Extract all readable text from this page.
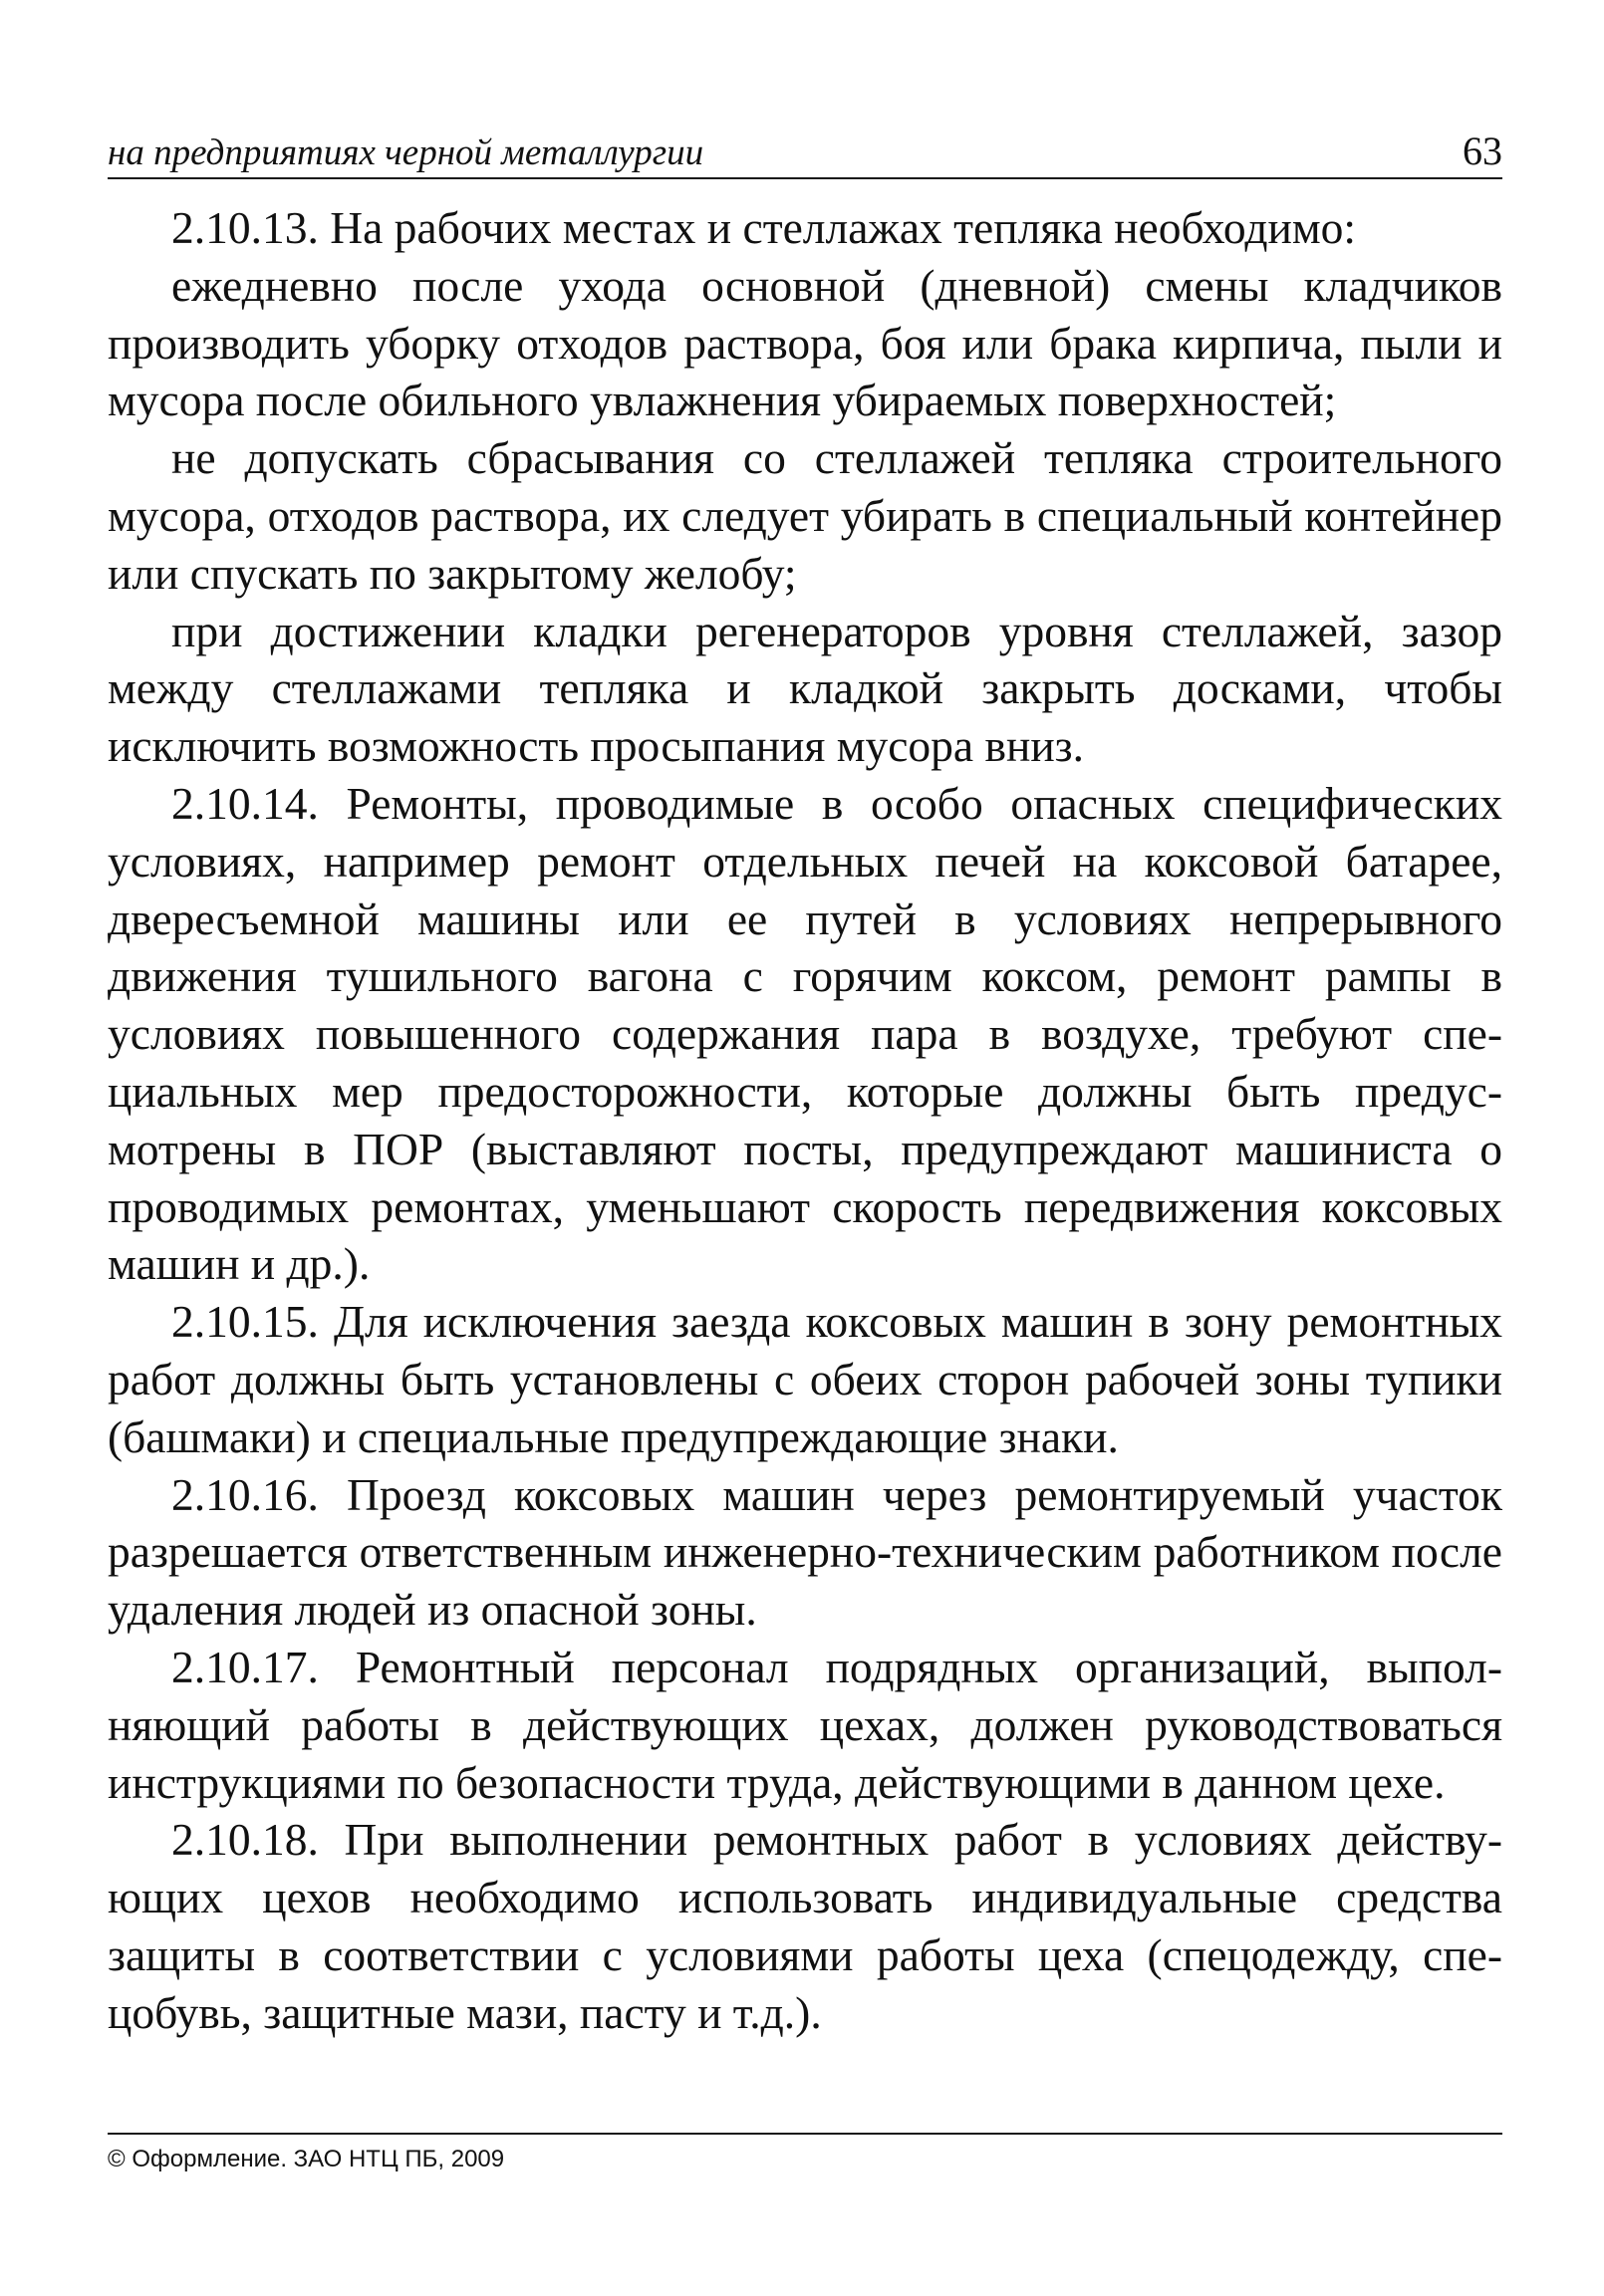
на предприятиях черной металлургии	63

2.10.13. На рабочих местах и стеллажах тепляка необходимо:

ежедневно после ухода основной (дневной) смены кладчиков производить уборку отходов раствора, боя или брака кирпича, пыли и мусора после обильного увлажнения убираемых поверхностей;

не допускать сбрасывания со стеллажей тепляка строительного мусора, отходов раствора, их следует убирать в специальный контейнер или спускать по закрытому желобу;

при достижении кладки регенераторов уровня стеллажей, зазор между стеллажами тепляка и кладкой закрыть досками, чтобы исключить возможность просыпания мусора вниз.

2.10.14. Ремонты, проводимые в особо опасных специфических условиях, например ремонт отдельных печей на коксовой батарее, двересъемной машины или ее путей в условиях непрерывного движения тушильного вагона с горячим коксом, ремонт рампы в условиях повышенного содержания пара в воздухе, требуют специальных мер предосторожности, которые должны быть предусмотрены в ПОР (выставляют посты, предупреждают машиниста о проводимых ремонтах, уменьшают скорость передвижения коксовых машин и др.).

2.10.15. Для исключения заезда коксовых машин в зону ремонтных работ должны быть установлены с обеих сторон рабочей зоны тупики (башмаки) и специальные предупреждающие знаки.

2.10.16. Проезд коксовых машин через ремонтируемый участок разрешается ответственным инженерно-техническим работником после удаления людей из опасной зоны.

2.10.17. Ремонтный персонал подрядных организаций, выполняющий работы в действующих цехах, должен руководствоваться инструкциями по безопасности труда, действующими в данном цехе.

2.10.18. При выполнении ремонтных работ в условиях действующих цехов необходимо использовать индивидуальные средства защиты в соответствии с условиями работы цеха (спецодежду, спецобувь, защитные мази, пасту и т.д.).

© Оформление. ЗАО НТЦ ПБ, 2009
